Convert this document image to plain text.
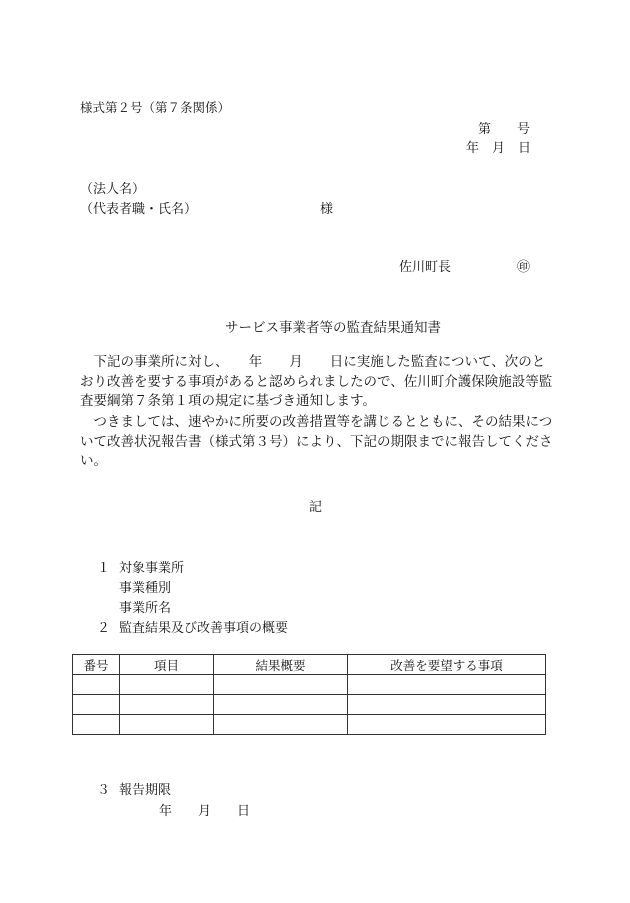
様式第２号（第７条関係）
第　　号
年　月　日
（法人名）
（代表者職・氏名）	様
佐川町長	㊞
サービス事業者等の監査結果通知書
　下記の事業所に対し、　　年　　月　　日に実施した監査について、次のと
おり改善を要する事項があると認められましたので、佐川町介護保険施設等監
査要綱第７条第１項の規定に基づき通知します。
　つきましては、速やかに所要の改善措置等を講じるとともに、その結果につ
いて改善状況報告書（様式第３号）により、下記の期限までに報告してくださ
い。
記
１ 対象事業所
事業種別
事業所名
２ 監査結果及び改善事項の概要
番号	項目	結果概要	改善を要望する事項

３ 報告期限
年　　月　　日
